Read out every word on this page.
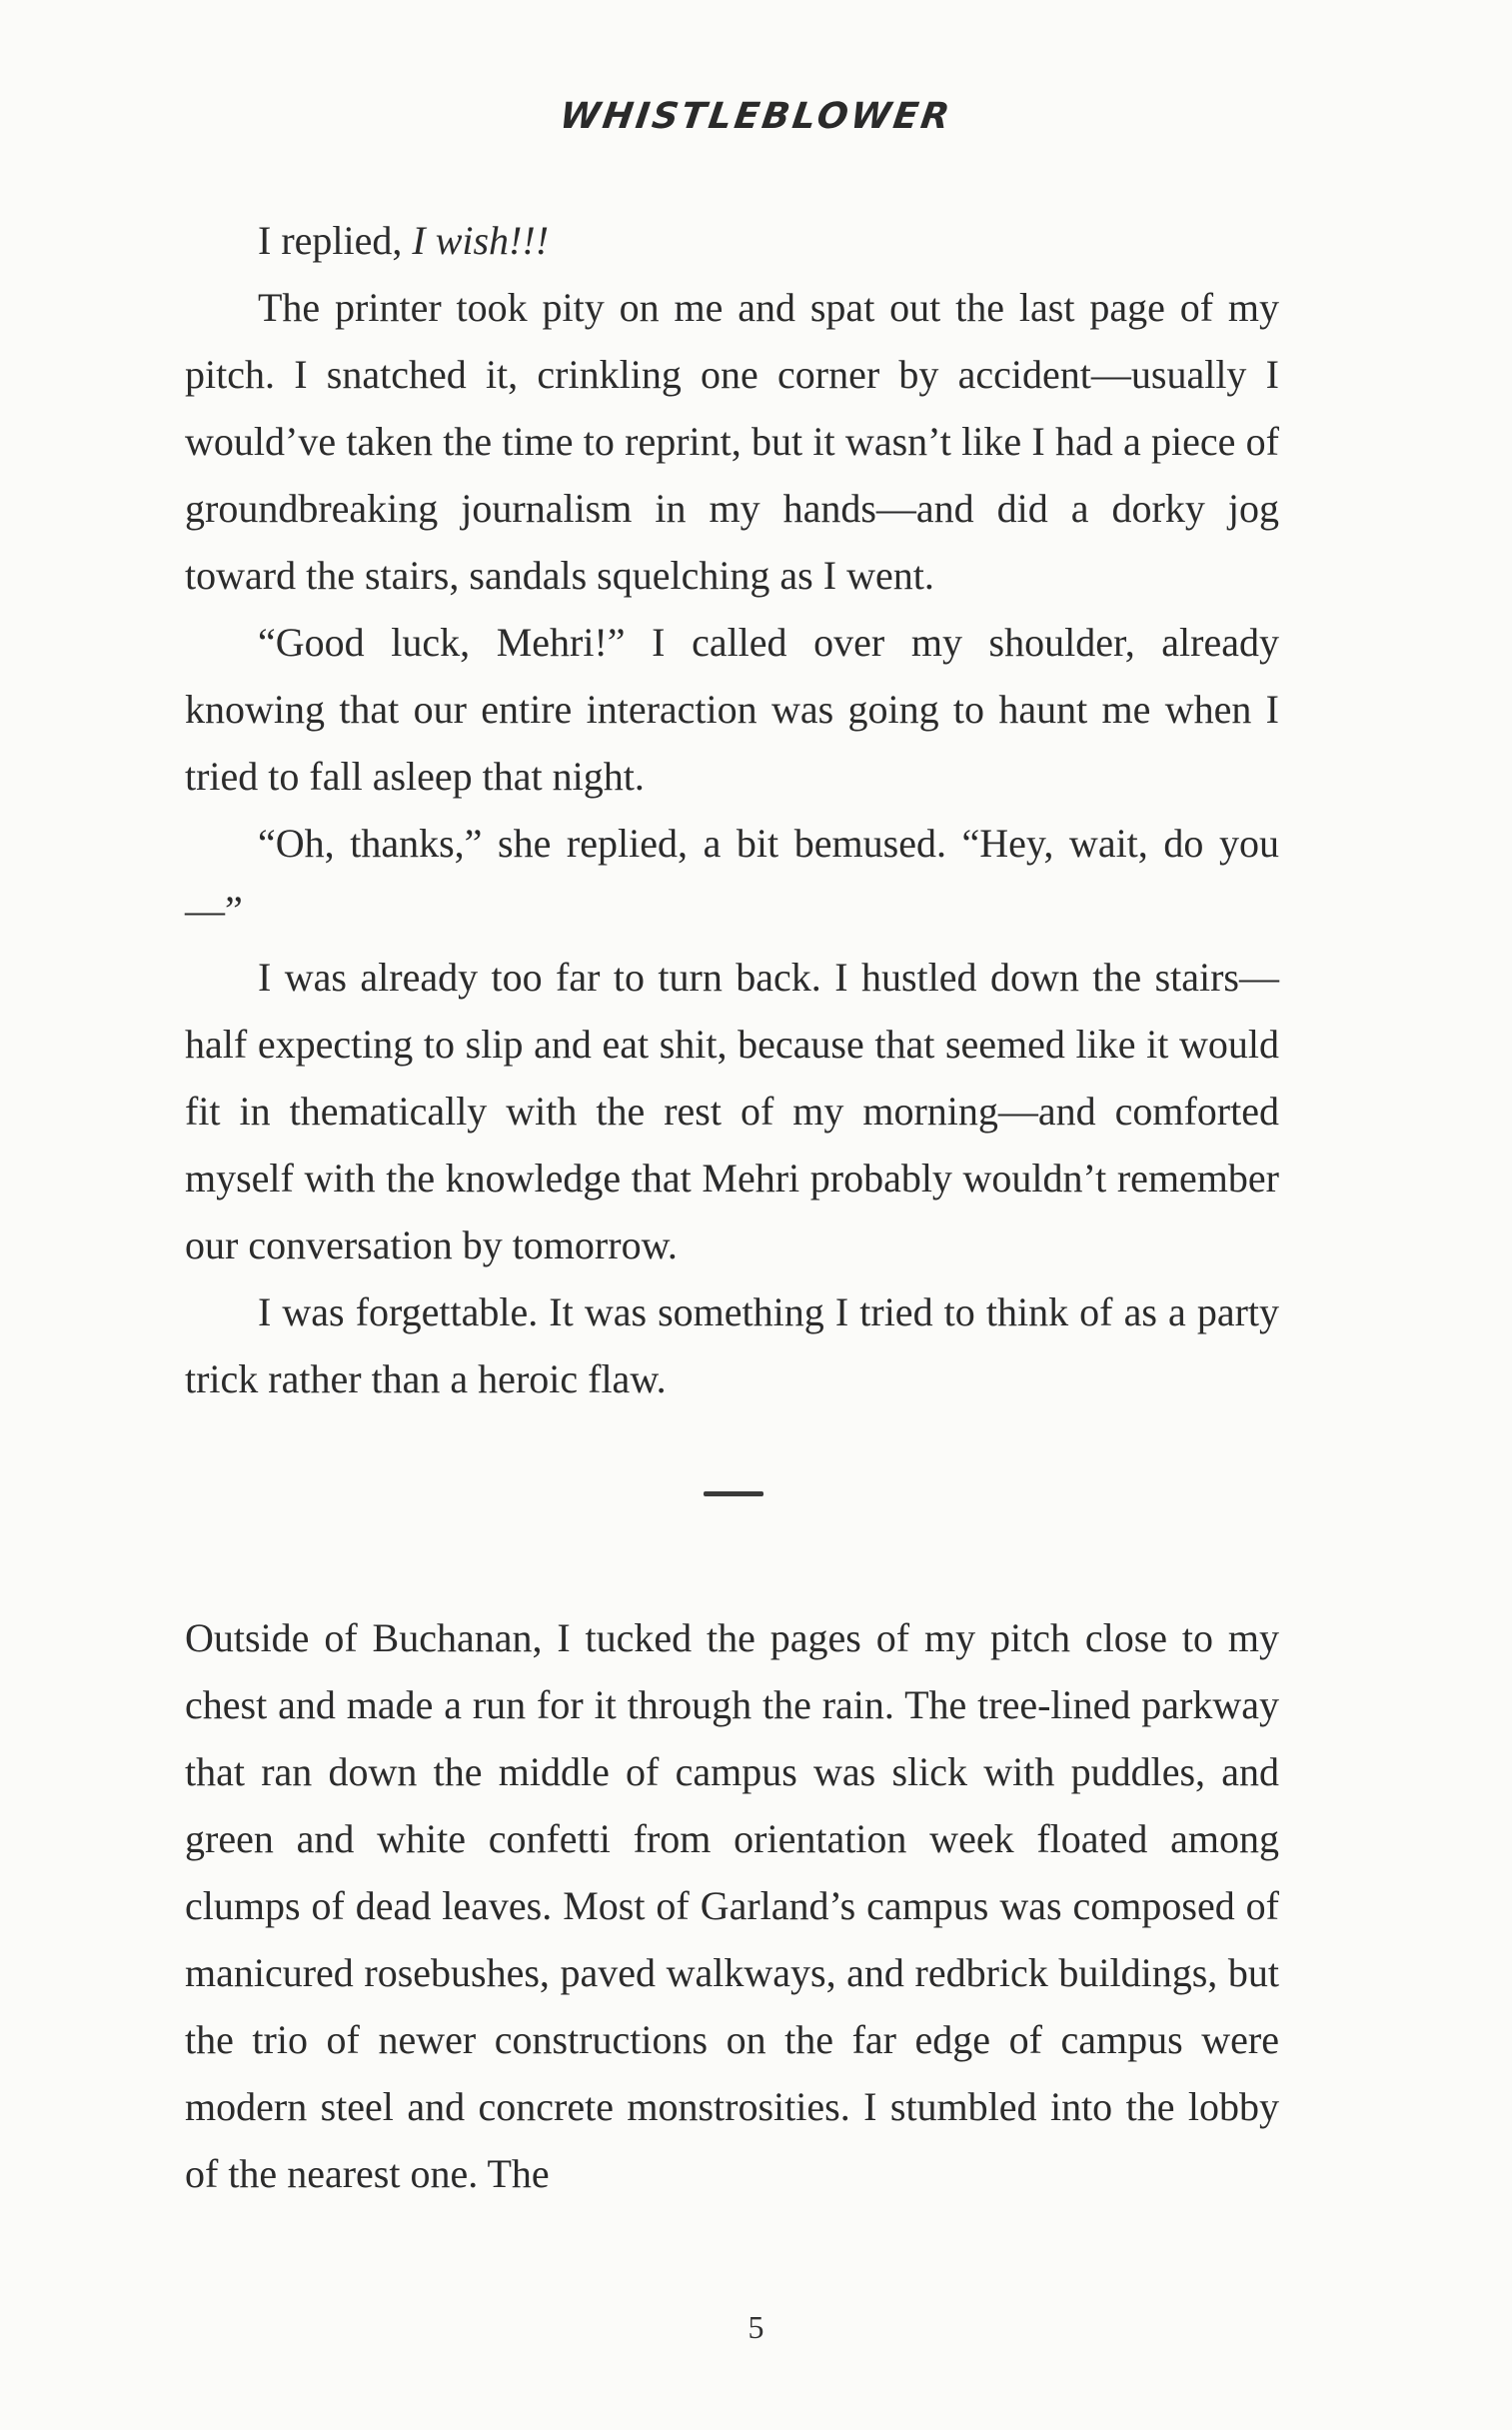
WHISTLEBLOWER

I replied, I wish!!!

The printer took pity on me and spat out the last page of my pitch. I snatched it, crinkling one corner by accident—usually I would’ve taken the time to reprint, but it wasn’t like I had a piece of groundbreaking journalism in my hands—and did a dorky jog toward the stairs, sandals squelching as I went.

“Good luck, Mehri!” I called over my shoulder, already knowing that our entire interaction was going to haunt me when I tried to fall asleep that night.

“Oh, thanks,” she replied, a bit bemused. “Hey, wait, do you—”

I was already too far to turn back. I hustled down the stairs—half expecting to slip and eat shit, because that seemed like it would fit in thematically with the rest of my morning—and comforted myself with the knowledge that Mehri probably wouldn’t remember our conversation by tomorrow.

I was forgettable. It was something I tried to think of as a party trick rather than a heroic flaw.

Outside of Buchanan, I tucked the pages of my pitch close to my chest and made a run for it through the rain. The tree-lined parkway that ran down the middle of campus was slick with puddles, and green and white confetti from orientation week floated among clumps of dead leaves. Most of Garland’s campus was composed of manicured rosebushes, paved walkways, and redbrick buildings, but the trio of newer constructions on the far edge of campus were modern steel and concrete monstrosities. I stumbled into the lobby of the nearest one. The

5
